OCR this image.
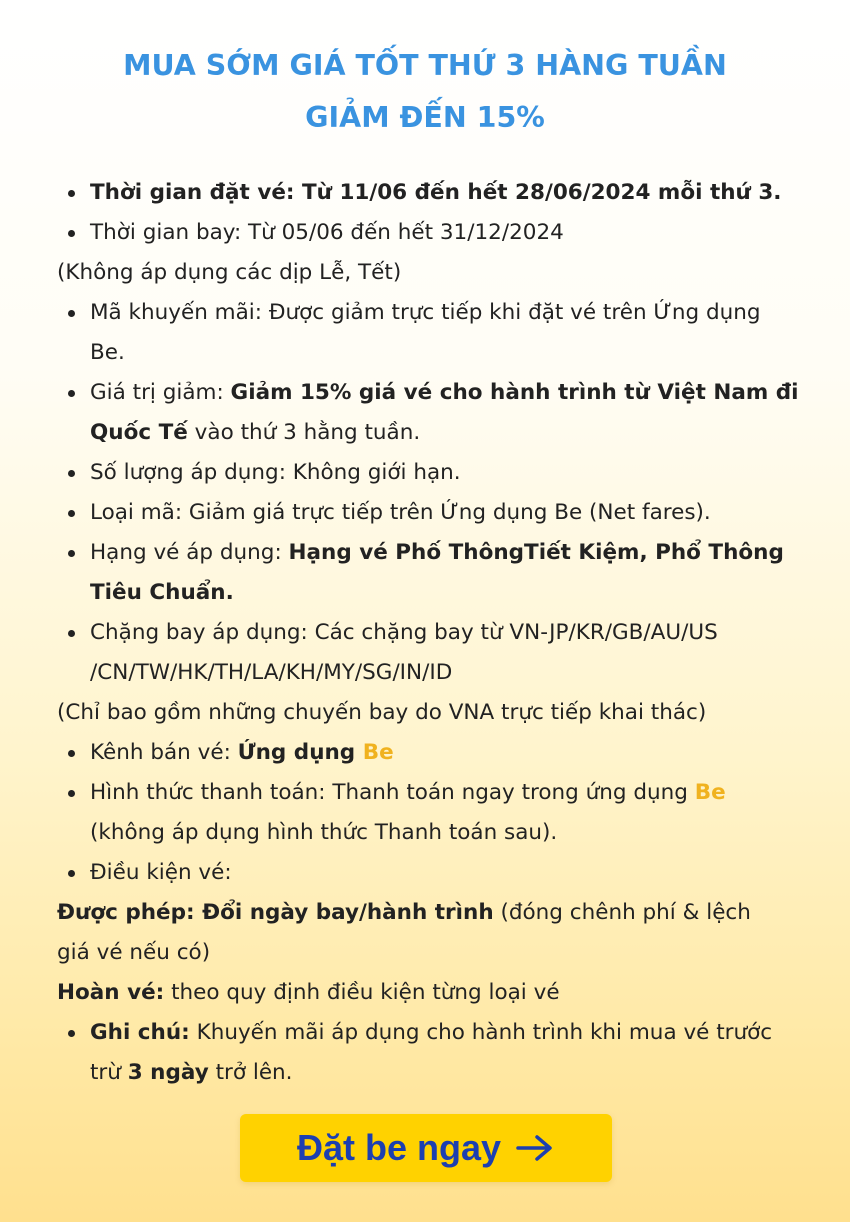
MUA SỚM GIÁ TỐT THỨ 3 HÀNG TUẦN
GIẢM ĐẾN 15%
Thời gian đặt vé: Từ 11/06 đến hết 28/06/2024 mỗi thứ 3.
Thời gian bay: Từ 05/06 đến hết 31/12/2024
(Không áp dụng các dịp Lễ, Tết)
Mã khuyến mãi: Được giảm trực tiếp khi đặt vé trên Ứng dụng
Be.
Giá trị giảm: Giảm 15% giá vé cho hành trình từ Việt Nam đi
Quốc Tế vào thứ 3 hằng tuần.
Số lượng áp dụng: Không giới hạn.
Loại mã: Giảm giá trực tiếp trên Ứng dụng Be (Net fares).
Hạng vé áp dụng: Hạng vé Phố ThôngTiết Kiệm, Phổ Thông
Tiêu Chuẩn.
Chặng bay áp dụng: Các chặng bay từ VN-JP/KR/GB/AU/US
/CN/TW/HK/TH/LA/KH/MY/SG/IN/ID
(Chỉ bao gồm những chuyến bay do VNA trực tiếp khai thác)
Kênh bán vé: Ứng dụng Be
Hình thức thanh toán: Thanh toán ngay trong ứng dụng Be
(không áp dụng hình thức Thanh toán sau).
Điều kiện vé:
Được phép: Đổi ngày bay/hành trình (đóng chênh phí & lệch
giá vé nếu có)
Hoàn vé: theo quy định điều kiện từng loại vé
Ghi chú: Khuyến mãi áp dụng cho hành trình khi mua vé trước
trừ 3 ngày trở lên.
Đặt be ngay
